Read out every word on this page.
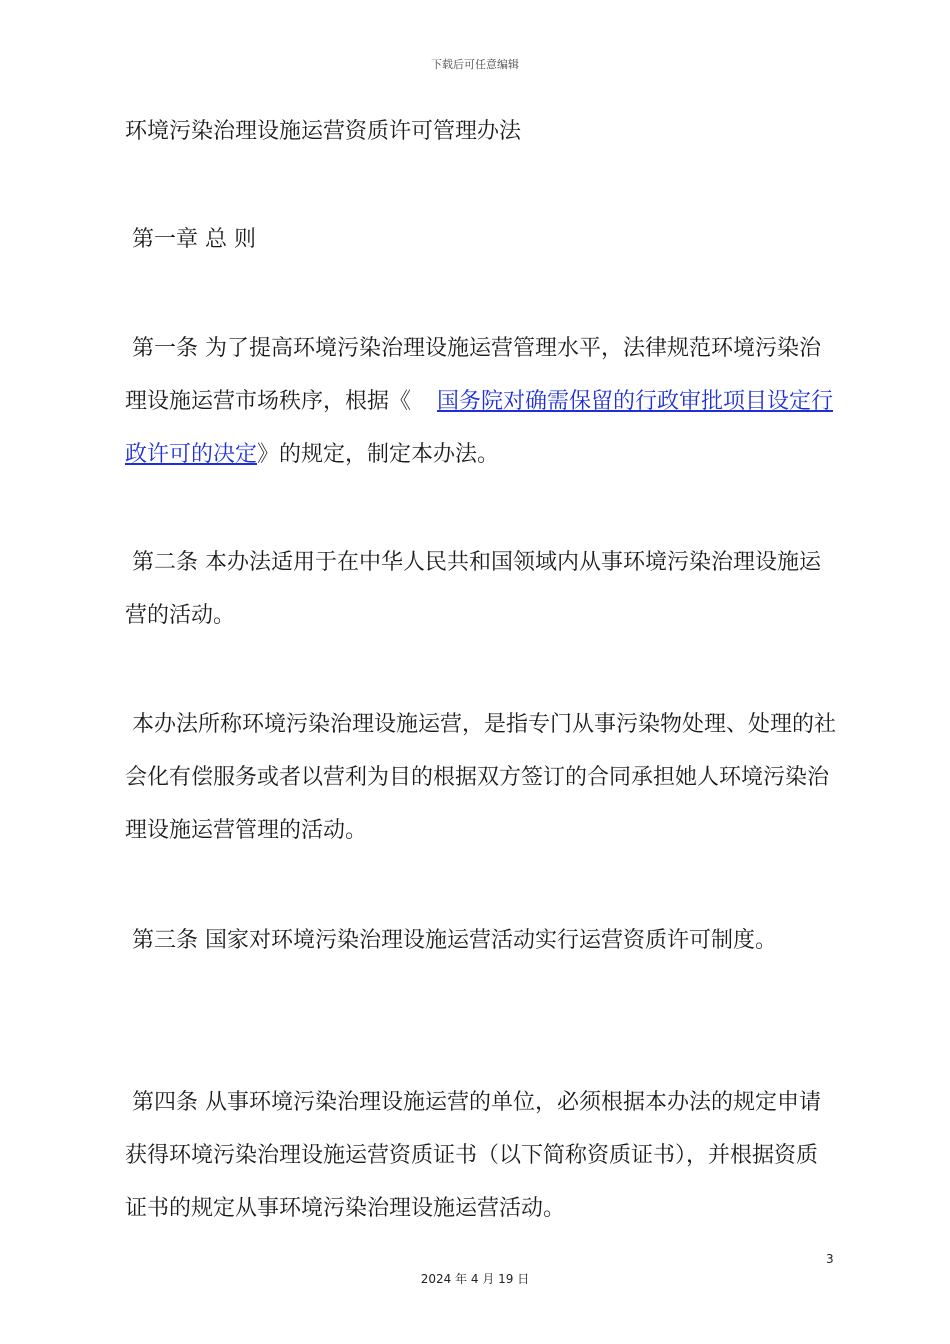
下载后可任意编辑
环境污染治理设施运营资质许可管理办法
第一章 总 则
第一条 为了提高环境污染治理设施运营管理水平，法律规范环境污染治理设施运营市场秩序，根据《 国务院对确需保留的行政审批项目设定行政许可的决定》的规定，制定本办法。
第二条 本办法适用于在中华人民共和国领域内从事环境污染治理设施运营的活动。
本办法所称环境污染治理设施运营，是指专门从事污染物处理、处理的社会化有偿服务或者以营利为目的根据双方签订的合同承担她人环境污染治理设施运营管理的活动。
第三条 国家对环境污染治理设施运营活动实行运营资质许可制度。
第四条 从事环境污染治理设施运营的单位，必须根据本办法的规定申请获得环境污染治理设施运营资质证书（以下简称资质证书），并根据资质证书的规定从事环境污染治理设施运营活动。
3
2024 年 4 月 19 日
